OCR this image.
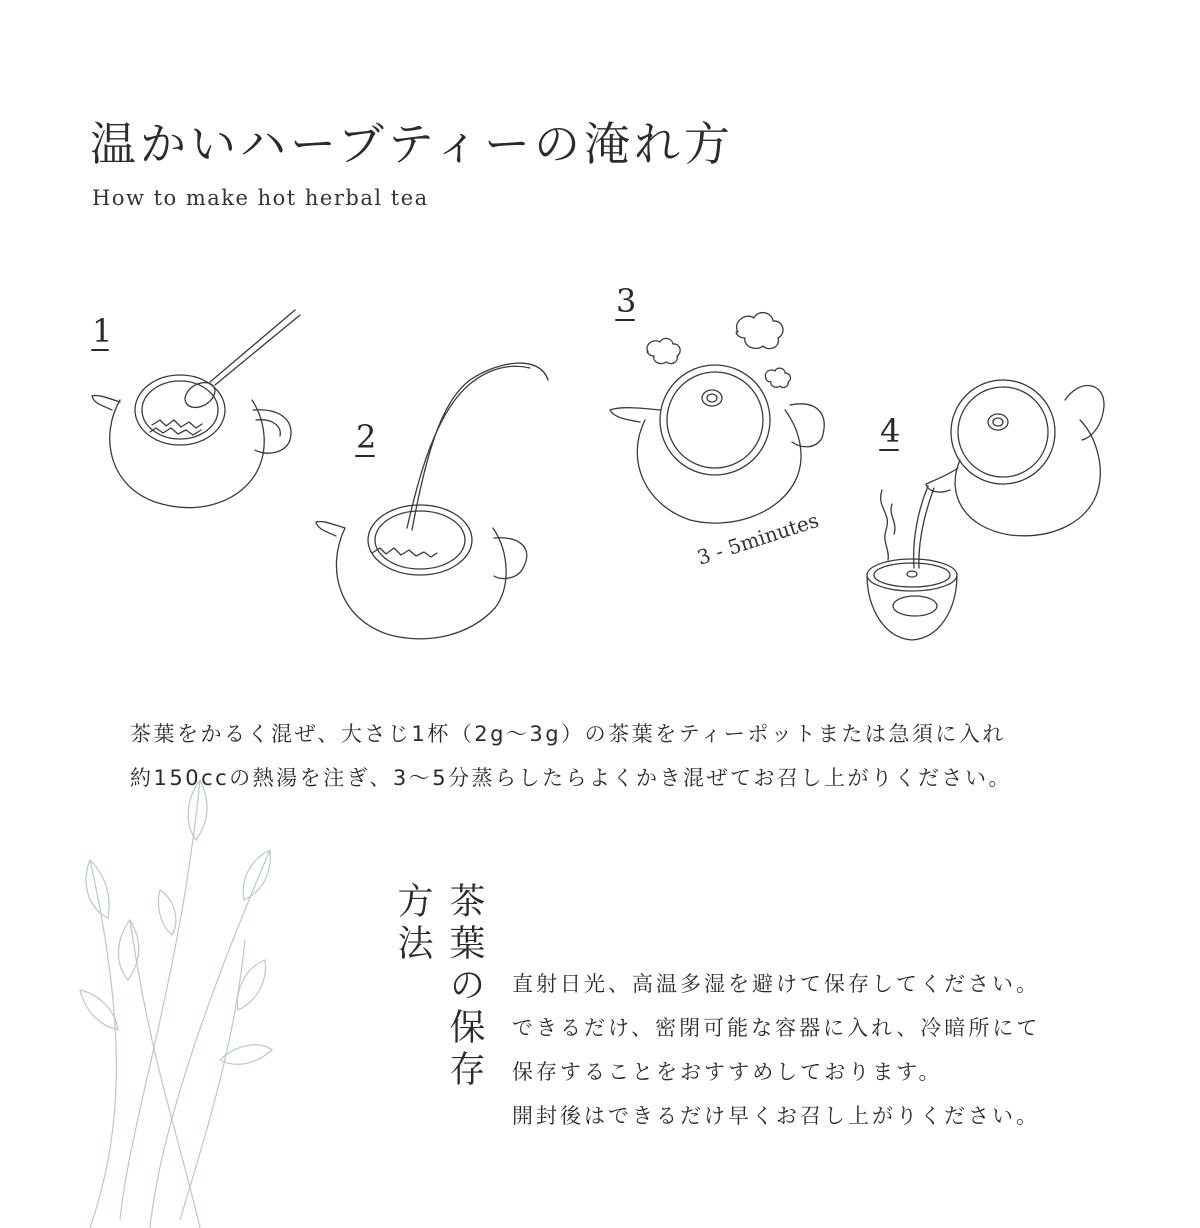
温かいハーブティーの淹れ方
How to make hot herbal tea
1
2
3
3 - 5minutes
4
茶葉をかるく混ぜ、大さじ1杯（2g～3g）の茶葉をティーポットまたは急須に入れ
約150ccの熱湯を注ぎ、3～5分蒸らしたらよくかき混ぜてお召し上がりください。
茶葉の保存方法
直射日光、高温多湿を避けて保存してください。
できるだけ、密閉可能な容器に入れ、冷暗所にて
保存することをおすすめしております。
開封後はできるだけ早くお召し上がりください。
